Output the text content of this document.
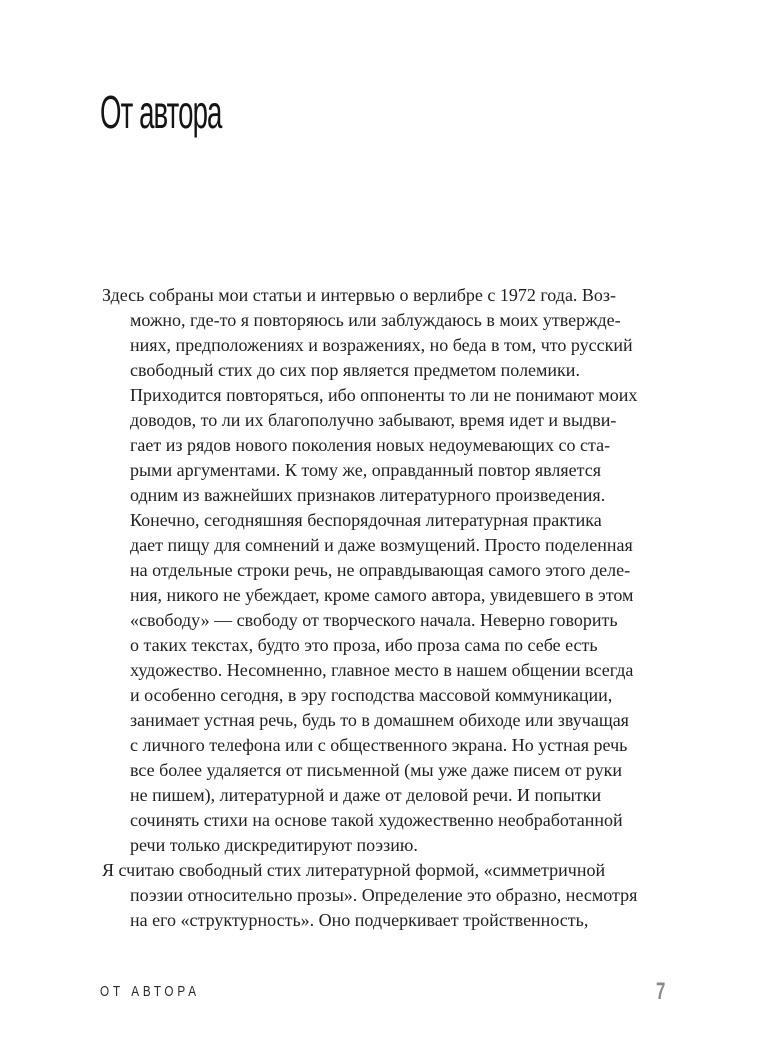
От автора
Здесь собраны мои статьи и интервью о верлибре с 1972 года. Воз-
можно, где-то я повторяюсь или заблуждаюсь в моих утвержде-
ниях, предположениях и возражениях, но беда в том, что русский
свободный стих до сих пор является предметом полемики.
Приходится повторяться, ибо оппоненты то ли не понимают моих
доводов, то ли их благополучно забывают, время идет и выдви-
гает из рядов нового поколения новых недоумевающих со ста-
рыми аргументами. К тому же, оправданный повтор является
одним из важнейших признаков литературного произведения.
Конечно, сегодняшняя беспорядочная литературная практика
дает пищу для сомнений и даже возмущений. Просто поделенная
на отдельные строки речь, не оправдывающая самого этого деле-
ния, никого не убеждает, кроме самого автора, увидевшего в этом
«свободу» — свободу от творческого начала. Неверно говорить
о таких текстах, будто это проза, ибо проза сама по себе есть
художество. Несомненно, главное место в нашем общении всегда
и особенно сегодня, в эру господства массовой коммуникации,
занимает устная речь, будь то в домашнем обиходе или звучащая
с личного телефона или с общественного экрана. Но устная речь
все более удаляется от письменной (мы уже даже писем от руки
не пишем), литературной и даже от деловой речи. И попытки
сочинять стихи на основе такой художественно необработанной
речи только дискредитируют поэзию.
Я считаю свободный стих литературной формой, «симметричной
поэзии относительно прозы». Определение это образно, несмотря
на его «структурность». Оно подчеркивает тройственность,
ОТ АВТОРА	7
